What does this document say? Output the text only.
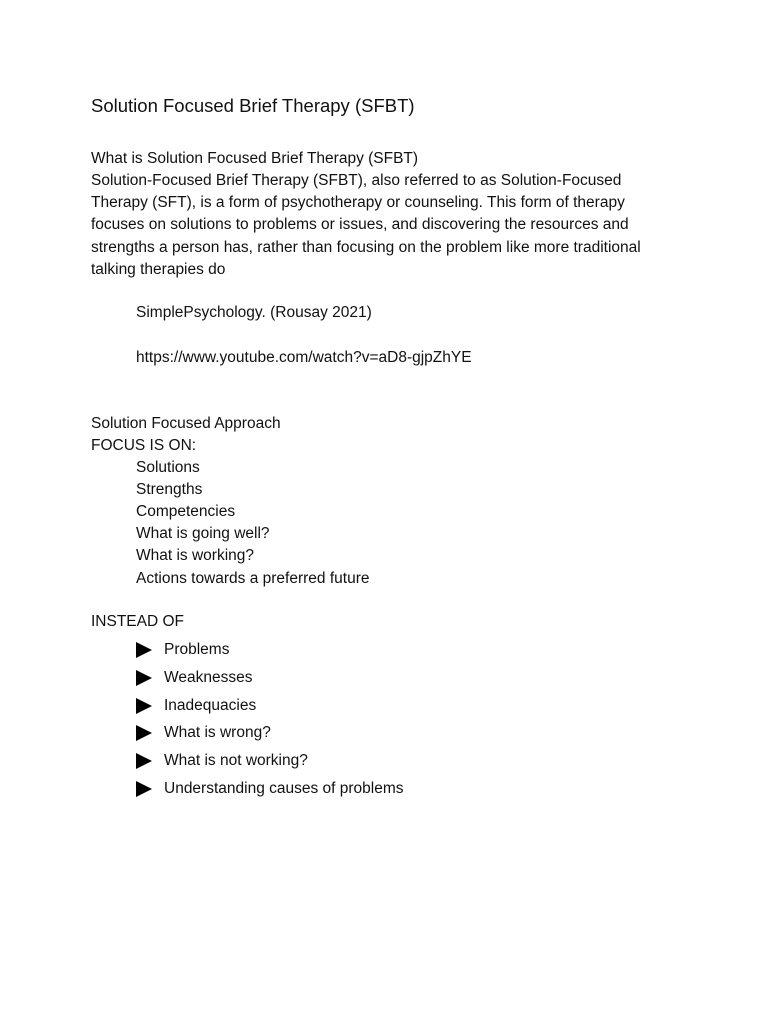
Solution Focused Brief Therapy (SFBT)
What is Solution Focused Brief Therapy (SFBT)
Solution-Focused Brief Therapy (SFBT), also referred to as Solution-Focused Therapy (SFT), is a form of psychotherapy or counseling. This form of therapy focuses on solutions to problems or issues, and discovering the resources and strengths a person has, rather than focusing on the problem like more traditional talking therapies do
SimplePsychology. (Rousay 2021)
https://www.youtube.com/watch?v=aD8-gjpZhYE
Solution Focused Approach
FOCUS IS ON:
Solutions
Strengths
Competencies
What is going well?
What is working?
Actions towards a preferred future
INSTEAD OF
Problems
Weaknesses
Inadequacies
What is wrong?
What is not working?
Understanding causes of problems
